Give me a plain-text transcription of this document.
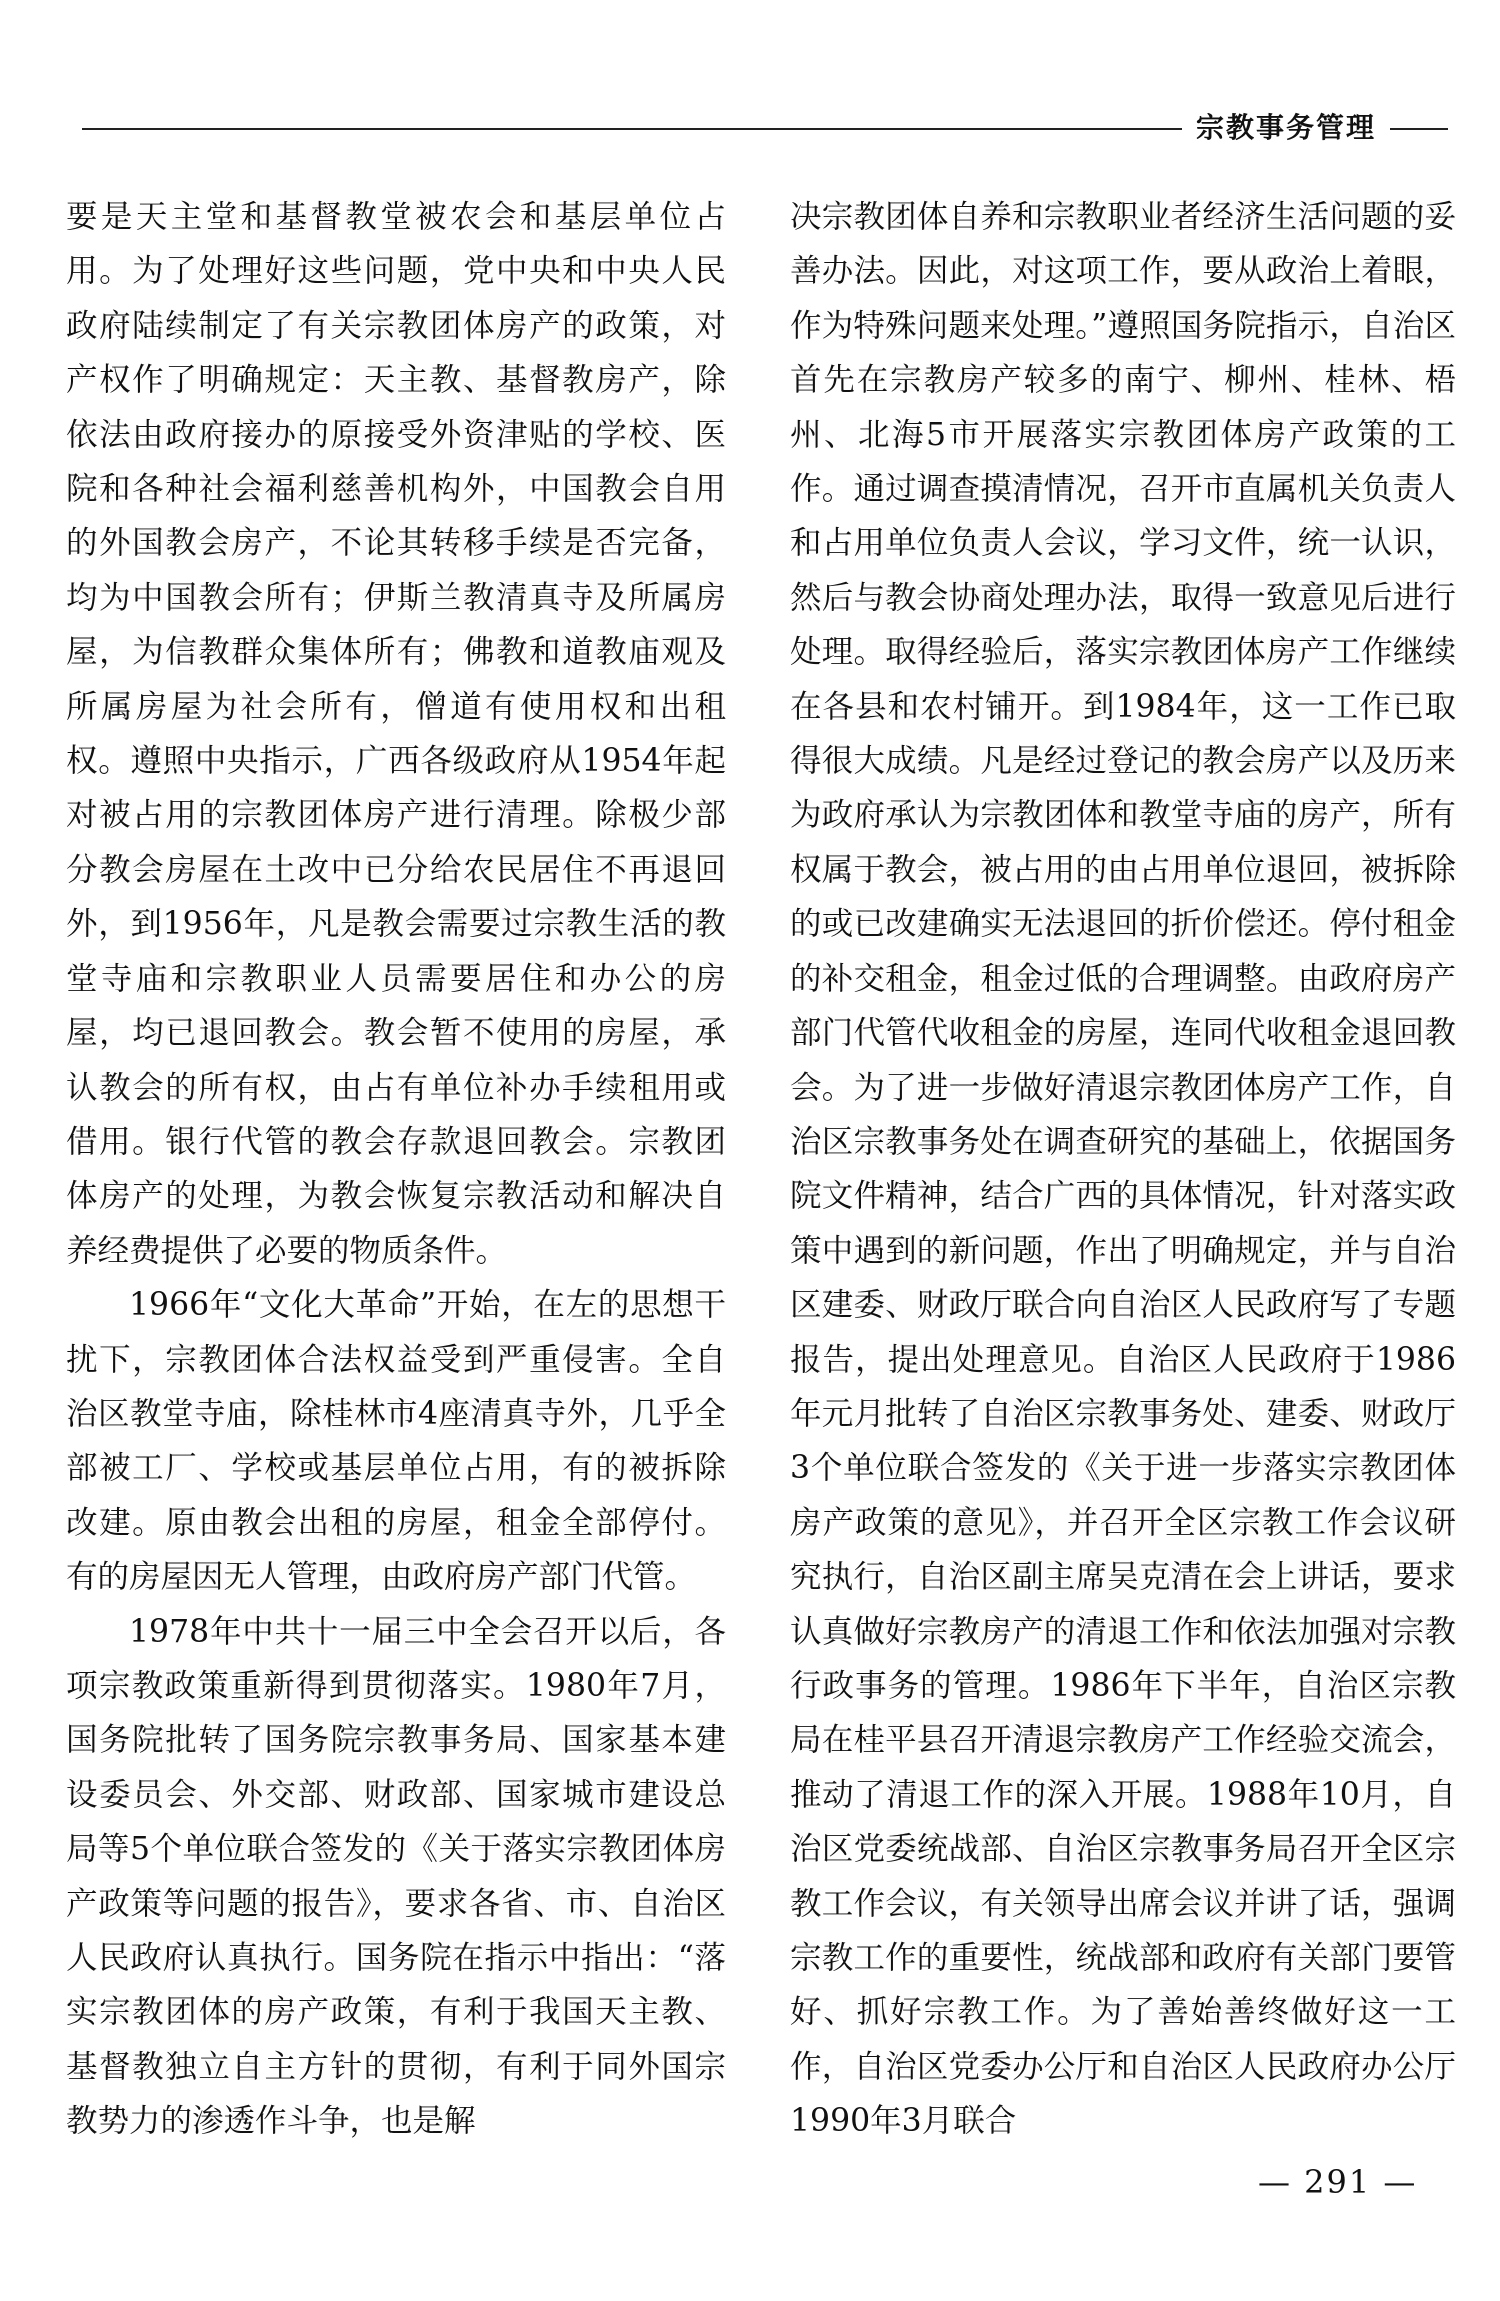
宗教事务管理

要是天主堂和基督教堂被农会和基层单位占用。为了处理好这些问题，党中央和中央人民政府陆续制定了有关宗教团体房产的政策，对产权作了明确规定：天主教、基督教房产，除依法由政府接办的原接受外资津贴的学校、医院和各种社会福利慈善机构外，中国教会自用的外国教会房产，不论其转移手续是否完备，均为中国教会所有；伊斯兰教清真寺及所属房屋，为信教群众集体所有；佛教和道教庙观及所属房屋为社会所有，僧道有使用权和出租权。遵照中央指示，广西各级政府从1954年起对被占用的宗教团体房产进行清理。除极少部分教会房屋在土改中已分给农民居住不再退回外，到1956年，凡是教会需要过宗教生活的教堂寺庙和宗教职业人员需要居住和办公的房屋，均已退回教会。教会暂不使用的房屋，承认教会的所有权，由占有单位补办手续租用或借用。银行代管的教会存款退回教会。宗教团体房产的处理，为教会恢复宗教活动和解决自养经费提供了必要的物质条件。

1966年“文化大革命”开始，在左的思想干扰下，宗教团体合法权益受到严重侵害。全自治区教堂寺庙，除桂林市4座清真寺外，几乎全部被工厂、学校或基层单位占用，有的被拆除改建。原由教会出租的房屋，租金全部停付。有的房屋因无人管理，由政府房产部门代管。

1978年中共十一届三中全会召开以后，各项宗教政策重新得到贯彻落实。1980年7月，国务院批转了国务院宗教事务局、国家基本建设委员会、外交部、财政部、国家城市建设总局等5个单位联合签发的《关于落实宗教团体房产政策等问题的报告》，要求各省、市、自治区人民政府认真执行。国务院在指示中指出：“落实宗教团体的房产政策，有利于我国天主教、基督教独立自主方针的贯彻，有利于同外国宗教势力的渗透作斗争，也是解

决宗教团体自养和宗教职业者经济生活问题的妥善办法。因此，对这项工作，要从政治上着眼，作为特殊问题来处理。”遵照国务院指示，自治区首先在宗教房产较多的南宁、柳州、桂林、梧州、北海5市开展落实宗教团体房产政策的工作。通过调查摸清情况，召开市直属机关负责人和占用单位负责人会议，学习文件，统一认识，然后与教会协商处理办法，取得一致意见后进行处理。取得经验后，落实宗教团体房产工作继续在各县和农村铺开。到1984年，这一工作已取得很大成绩。凡是经过登记的教会房产以及历来为政府承认为宗教团体和教堂寺庙的房产，所有权属于教会，被占用的由占用单位退回，被拆除的或已改建确实无法退回的折价偿还。停付租金的补交租金，租金过低的合理调整。由政府房产部门代管代收租金的房屋，连同代收租金退回教会。为了进一步做好清退宗教团体房产工作，自治区宗教事务处在调查研究的基础上，依据国务院文件精神，结合广西的具体情况，针对落实政策中遇到的新问题，作出了明确规定，并与自治区建委、财政厅联合向自治区人民政府写了专题报告，提出处理意见。自治区人民政府于1986年元月批转了自治区宗教事务处、建委、财政厅3个单位联合签发的《关于进一步落实宗教团体房产政策的意见》，并召开全区宗教工作会议研究执行，自治区副主席吴克清在会上讲话，要求认真做好宗教房产的清退工作和依法加强对宗教行政事务的管理。1986年下半年，自治区宗教局在桂平县召开清退宗教房产工作经验交流会，推动了清退工作的深入开展。1988年10月，自治区党委统战部、自治区宗教事务局召开全区宗教工作会议，有关领导出席会议并讲了话，强调宗教工作的重要性，统战部和政府有关部门要管好、抓好宗教工作。为了善始善终做好这一工作，自治区党委办公厅和自治区人民政府办公厅1990年3月联合

— 291 —
